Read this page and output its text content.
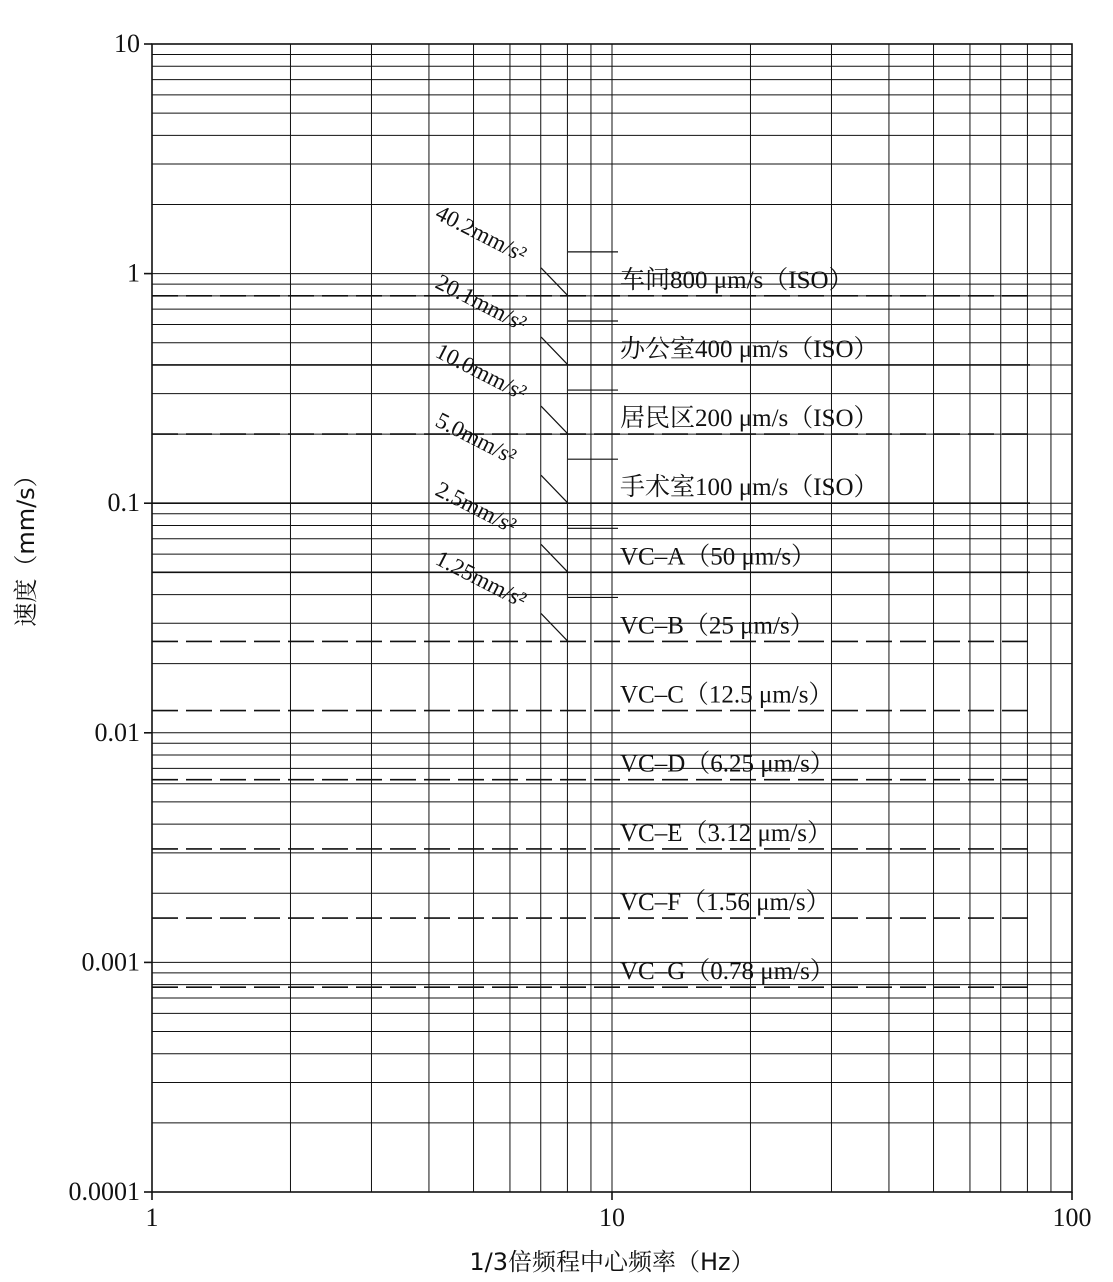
车间800 μm/s（ISO）
办公室400 μm/s（ISO）
居民区200 μm/s（ISO）
手术室100 μm/s（ISO）
VC–A（50 μm/s）
VC–B（25 μm/s）
VC–C（12.5 μm/s）
VC–D（6.25 μm/s）
VC–E（3.12 μm/s）
VC–F（1.56 μm/s）
VC–G（0.78 μm/s）
40.2mm/s²
20.1mm/s²
10.0mm/s²
5.0mm/s²
2.5mm/s²
1.25mm/s²
1	10	100
10
1
0.1
0.01
0.001
0.0001
1/3倍频程中心频率（Hz）
速度（mm/s）
